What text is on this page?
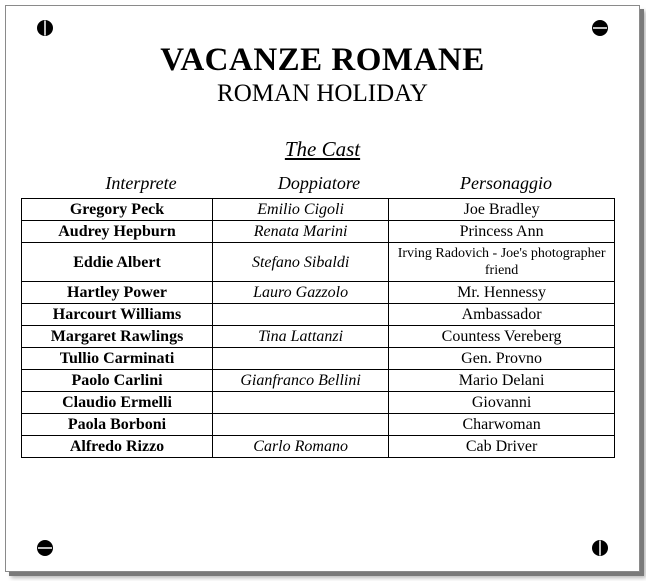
VACANZE ROMANE
ROMAN HOLIDAY
The Cast
Interprete	Doppiatore	Personaggio
Gregory Peck	Emilio Cigoli	Joe Bradley
Audrey Hepburn	Renata Marini	Princess Ann
Eddie Albert	Stefano Sibaldi	Irving Radovich - Joe's photographer friend
Hartley Power	Lauro Gazzolo	Mr. Hennessy
Harcourt Williams		Ambassador
Margaret Rawlings	Tina Lattanzi	Countess Vereberg
Tullio Carminati		Gen. Provno
Paolo Carlini	Gianfranco Bellini	Mario Delani
Claudio Ermelli		Giovanni
Paola Borboni		Charwoman
Alfredo Rizzo	Carlo Romano	Cab Driver
